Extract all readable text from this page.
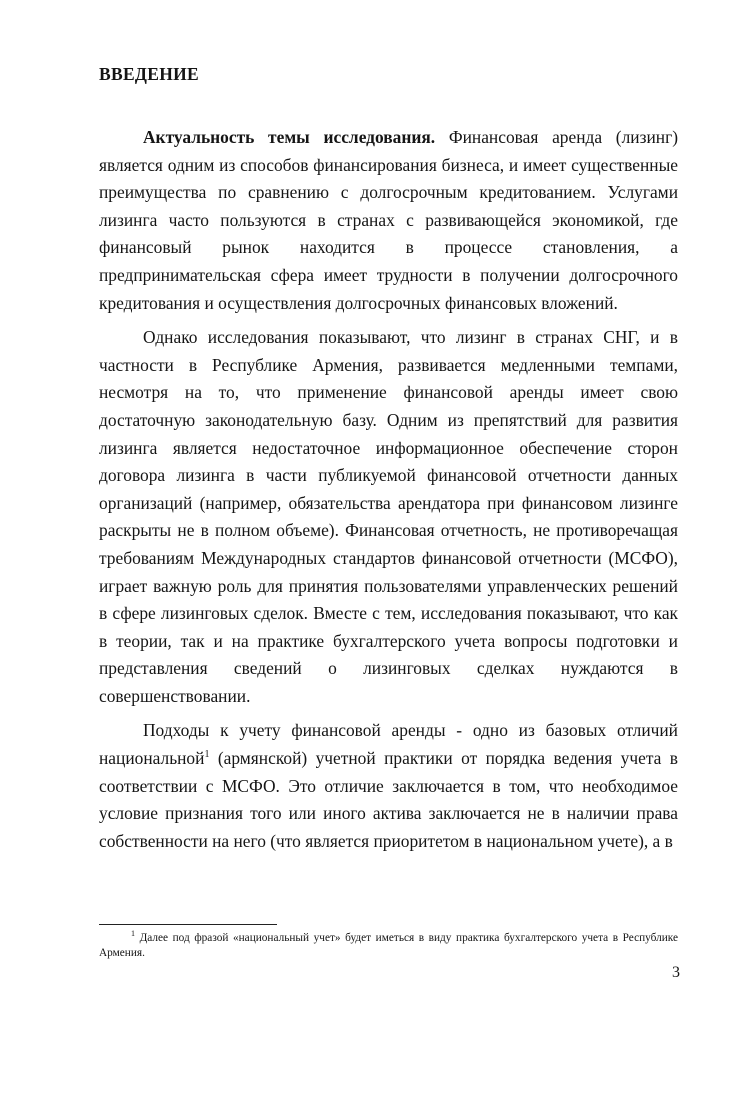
ВВЕДЕНИЕ

Актуальность темы исследования. Финансовая аренда (лизинг) является одним из способов финансирования бизнеса, и имеет существенные преимущества по сравнению с долгосрочным кредитованием. Услугами лизинга часто пользуются в странах с развивающейся экономикой, где финансовый рынок находится в процессе становления, а предпринимательская сфера имеет трудности в получении долгосрочного кредитования и осуществления долгосрочных финансовых вложений.

Однако исследования показывают, что лизинг в странах СНГ, и в частности в Республике Армения, развивается медленными темпами, несмотря на то, что применение финансовой аренды имеет свою достаточную законодательную базу. Одним из препятствий для развития лизинга является недостаточное информационное обеспечение сторон договора лизинга в части публикуемой финансовой отчетности данных организаций (например, обязательства арендатора при финансовом лизинге раскрыты не в полном объеме). Финансовая отчетность, не противоречащая требованиям Международных стандартов финансовой отчетности (МСФО), играет важную роль для принятия пользователями управленческих решений в сфере лизинговых сделок. Вместе с тем, исследования показывают, что как в теории, так и на практике бухгалтерского учета вопросы подготовки и представления сведений о лизинговых сделках нуждаются в совершенствовании.

Подходы к учету финансовой аренды - одно из базовых отличий национальной$^1$ (армянской) учетной практики от порядка ведения учета в соответствии с МСФО. Это отличие заключается в том, что необходимое условие признания того или иного актива заключается не в наличии права собственности на него (что является приоритетом в национальном учете), а в

$^1$ Далее под фразой «национальный учет» будет иметься в виду практика бухгалтерского учета в Республике Армения.

3
